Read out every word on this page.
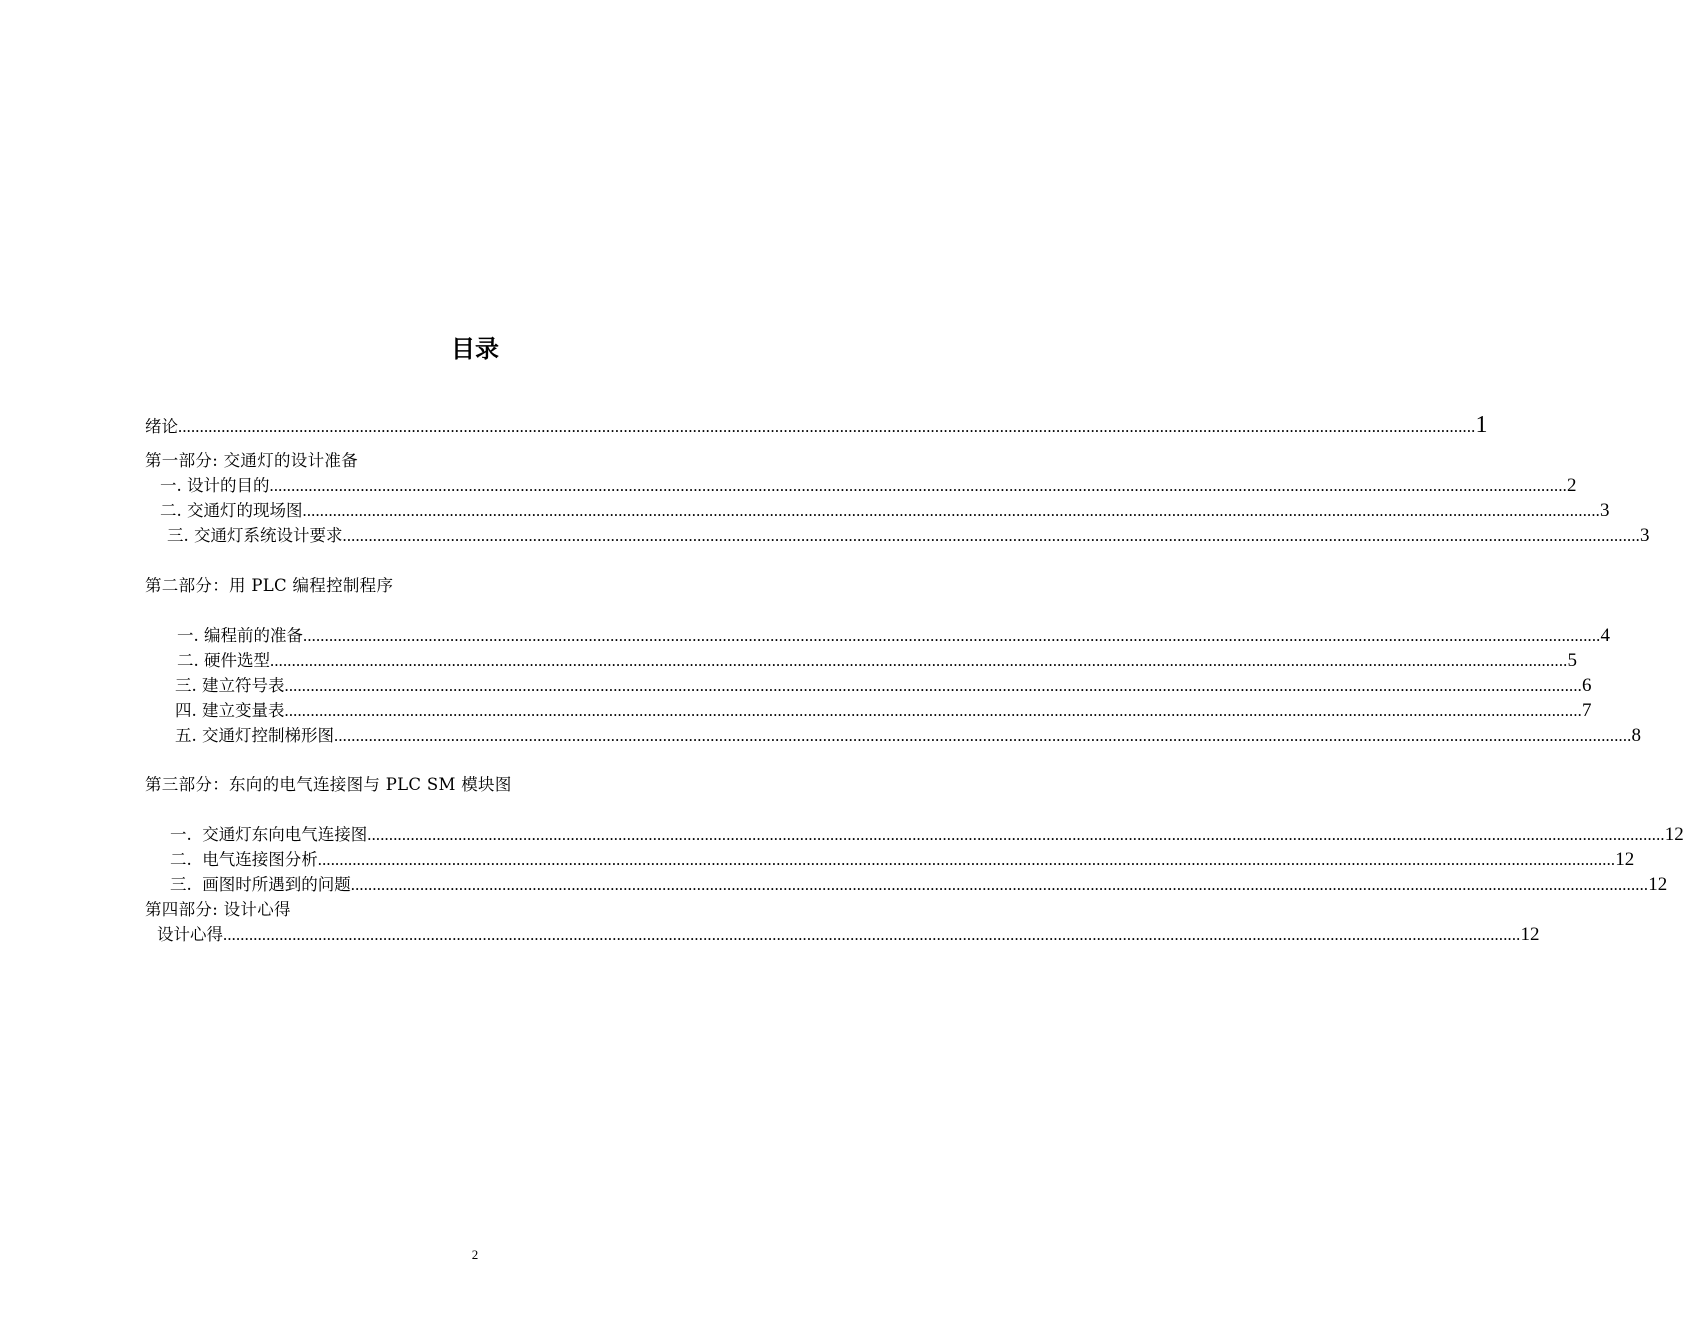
目录
绪论 ............................................................................................................................................................................................................................................................................................................ 1
第一部分: 交通灯的设计准备
一. 设计的目的 ............................................................................................................................................................................................................................................................................................................ 2
二. 交通灯的现场图 ............................................................................................................................................................................................................................................................................................................ 3
三. 交通灯系统设计要求 ............................................................................................................................................................................................................................................................................................................ 3
第二部分：用 PLC 编程控制程序
一. 编程前的准备 ............................................................................................................................................................................................................................................................................................................ 4
二. 硬件选型 ............................................................................................................................................................................................................................................................................................................ 5
三. 建立符号表 ............................................................................................................................................................................................................................................................................................................ 6
四. 建立变量表 ............................................................................................................................................................................................................................................................................................................ 7
五. 交通灯控制梯形图 ............................................................................................................................................................................................................................................................................................................ 8
第三部分：东向的电气连接图与 PLC SM 模块图
一.  交通灯东向电气连接图 ............................................................................................................................................................................................................................................................................................................ 12
二.  电气连接图分析 ............................................................................................................................................................................................................................................................................................................ 12
三.  画图时所遇到的问题 ............................................................................................................................................................................................................................................................................................................ 12
第四部分: 设计心得
设计心得 ............................................................................................................................................................................................................................................................................................................ 12
2
